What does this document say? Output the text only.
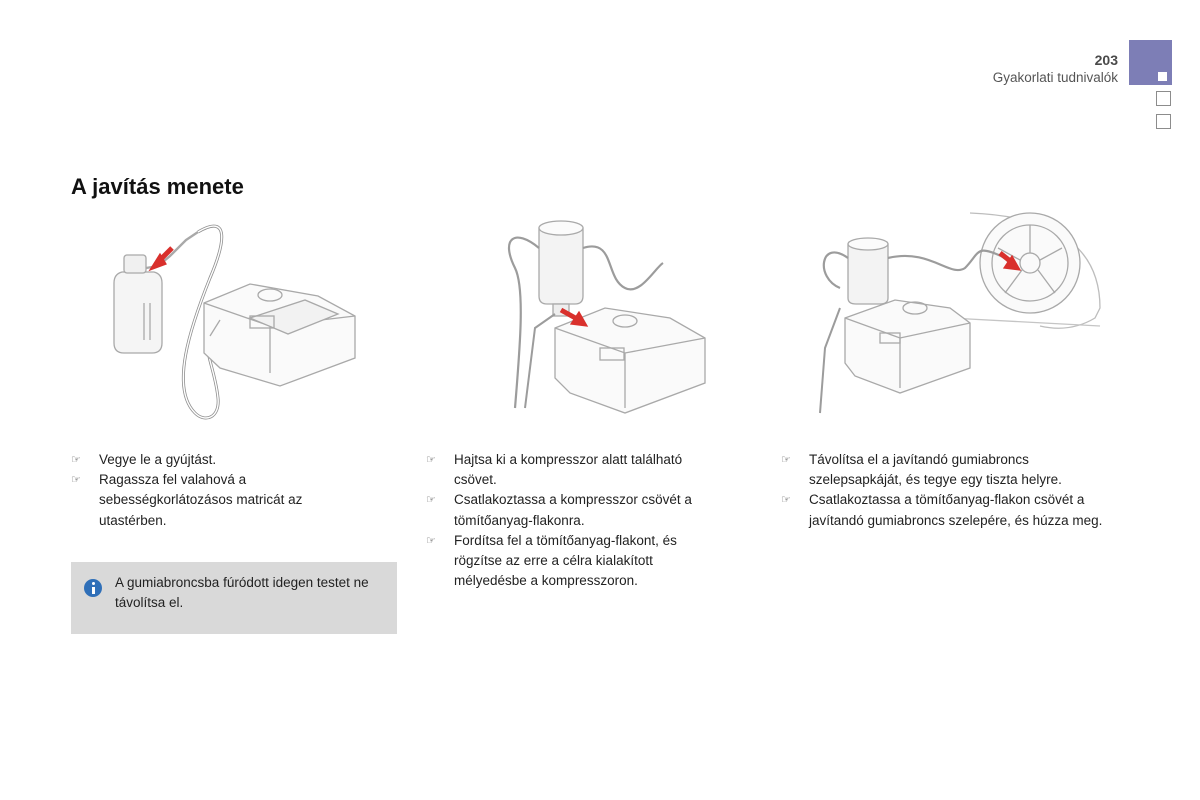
203
Gyakorlati tudnivalók
A javítás menete
☞ Vegye le a gyújtást.
☞ Ragassza fel valahová a sebességkorlátozásos matricát az utastérben.
A gumiabroncsba fúródott idegen testet ne távolítsa el.
☞ Hajtsa ki a kompresszor alatt található csövet.
☞ Csatlakoztassa a kompresszor csövét a tömítőanyag-flakonra.
☞ Fordítsa fel a tömítőanyag-flakont, és rögzítse az erre a célra kialakított mélyedésbe a kompresszoron.
☞ Távolítsa el a javítandó gumiabroncs szelepsapkáját, és tegye egy tiszta helyre.
☞ Csatlakoztassa a tömítőanyag-flakon csövét a javítandó gumiabroncs szelepére, és húzza meg.
